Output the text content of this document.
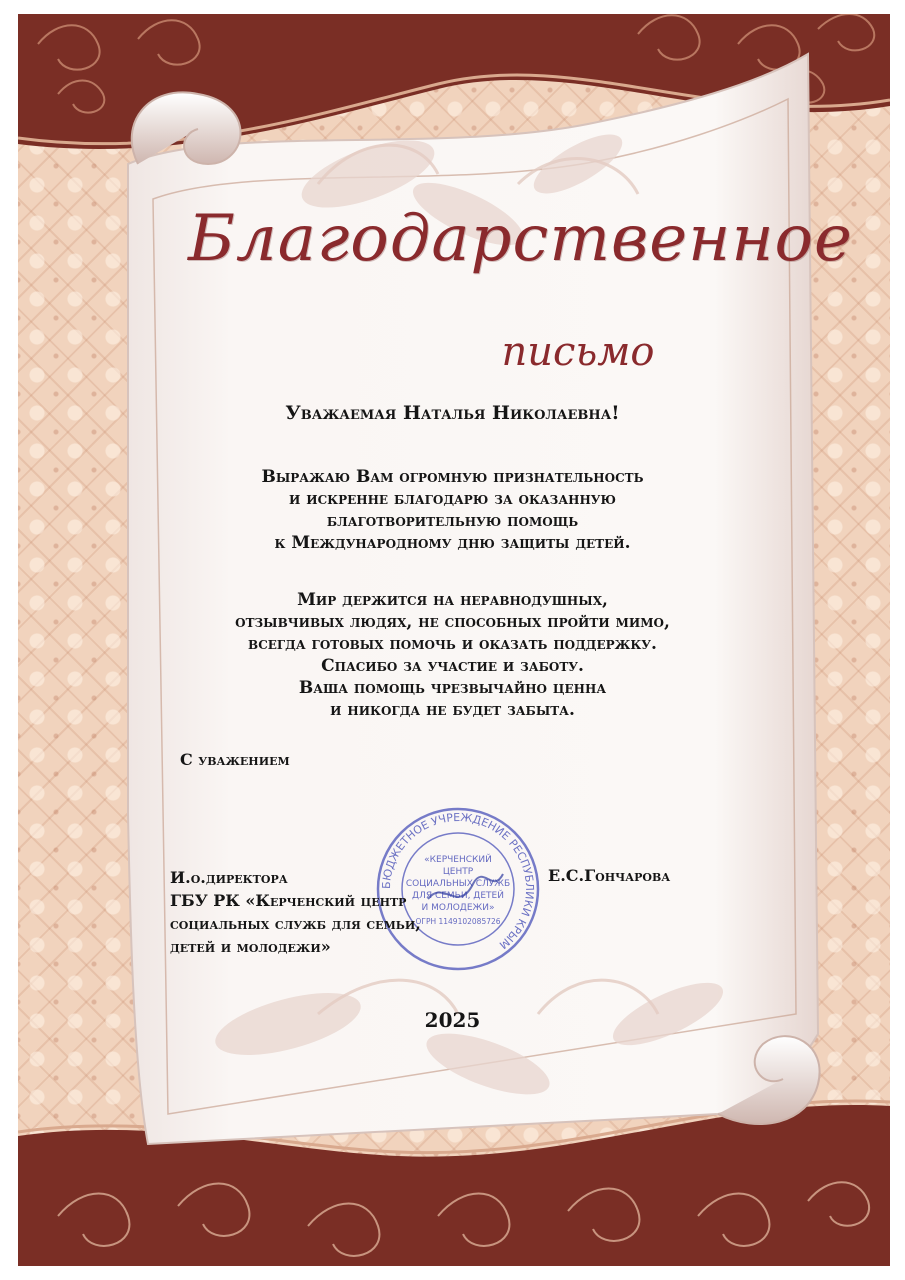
БЮДЖЕТНОЕ УЧРЕЖДЕНИЕ РЕСПУБЛИКИ КРЫМ
«КЕРЧЕНСКИЙ
ЦЕНТР
СОЦИАЛЬНЫХ СЛУЖБ
ДЛЯ СЕМЬИ, ДЕТЕЙ
И МОЛОДЕЖИ»
ОГРН 1149102085726
Благодарственное
письмо
Уважаемая Наталья Николаевна!
Выражаю Вам огромную признательность
и искренне благодарю за оказанную
благотворительную помощь
к Международному дню защиты детей.
Мир держится на неравнодушных,
отзывчивых людях, не способных пройти мимо,
всегда готовых помочь и оказать поддержку.
Спасибо за участие и заботу.
Ваша помощь чрезвычайно ценна
и никогда не будет забыта.
С уважением
И.о.директора
ГБУ РК «Керченский центр
социальных служб для семьи,
детей и молодежи»
Е.С.Гончарова
2025
